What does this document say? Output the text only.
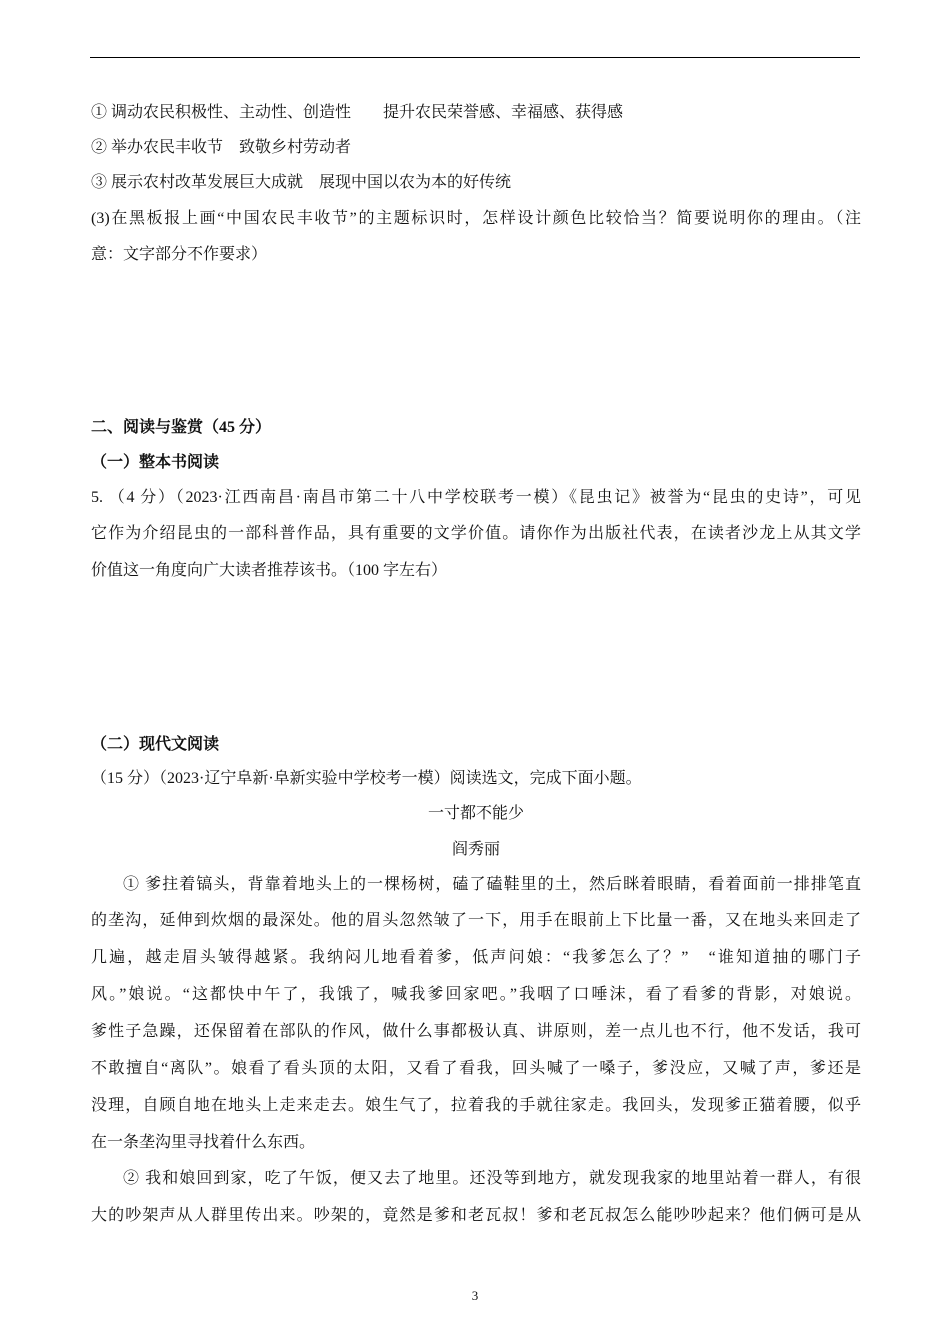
① 调动农民积极性、主动性、创造性　　提升农民荣誉感、幸福感、获得感
② 举办农民丰收节　致敬乡村劳动者
③ 展示农村改革发展巨大成就　展现中国以农为本的好传统
(3)在黑板报上画“中国农民丰收节”的主题标识时，怎样设计颜色比较恰当？简要说明你的理由。（注
意：文字部分不作要求）
二、阅读与鉴赏（45 分）
（一）整本书阅读
5. （4 分）（2023·江西南昌·南昌市第二十八中学校联考一模）《昆虫记》被誉为“昆虫的史诗”，可见
它作为介绍昆虫的一部科普作品，具有重要的文学价值。请你作为出版社代表，在读者沙龙上从其文学
价值这一角度向广大读者推荐该书。（100 字左右）
（二）现代文阅读
（15 分）（2023·辽宁阜新·阜新实验中学校考一模）阅读选文，完成下面小题。
一寸都不能少
阎秀丽
① 爹拄着镐头，背靠着地头上的一棵杨树，磕了磕鞋里的土，然后眯着眼睛，看着面前一排排笔直
的垄沟，延伸到炊烟的最深处。他的眉头忽然皱了一下，用手在眼前上下比量一番，又在地头来回走了
几遍，越走眉头皱得越紧。我纳闷儿地看着爹，低声问娘：“我爹怎么了？”　“谁知道抽的哪门子
风。”娘说。“这都快中午了，我饿了，喊我爹回家吧。”我咽了口唾沫，看了看爹的背影，对娘说。
爹性子急躁，还保留着在部队的作风，做什么事都极认真、讲原则，差一点儿也不行，他不发话，我可
不敢擅自“离队”。娘看了看头顶的太阳，又看了看我，回头喊了一嗓子，爹没应，又喊了声，爹还是
没理，自顾自地在地头上走来走去。娘生气了，拉着我的手就往家走。我回头，发现爹正猫着腰，似乎
在一条垄沟里寻找着什么东西。
② 我和娘回到家，吃了午饭，便又去了地里。还没等到地方，就发现我家的地里站着一群人，有很
大的吵架声从人群里传出来。吵架的，竟然是爹和老瓦叔！爹和老瓦叔怎么能吵吵起来？他们俩可是从
3
